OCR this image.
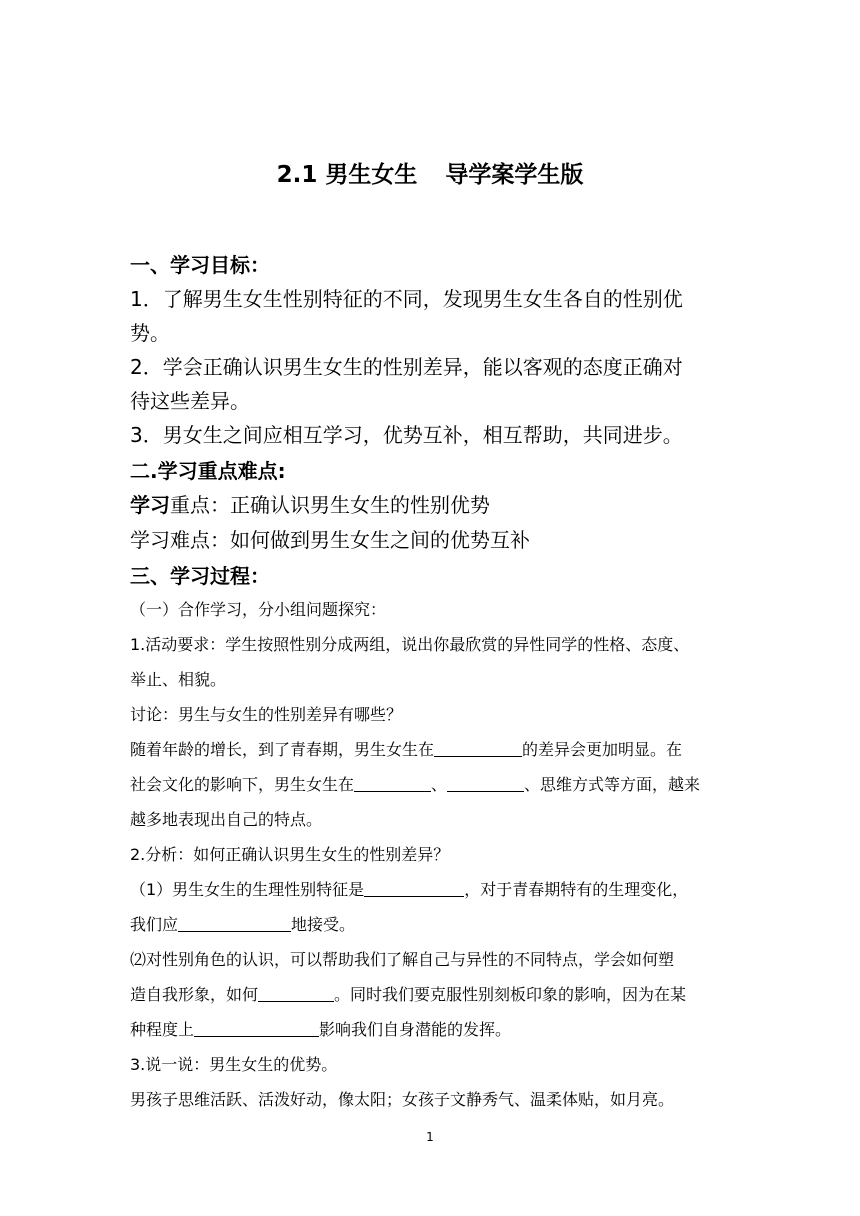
2.1 男生女生 导学案学生版
一、学习目标：
1．了解男生女生性别特征的不同，发现男生女生各自的性别优
势。
2．学会正确认识男生女生的性别差异，能以客观的态度正确对
待这些差异。
3．男女生之间应相互学习，优势互补，相互帮助，共同进步。
二.学习重点难点:
学习重点：正确认识男生女生的性别优势
学习难点：如何做到男生女生之间的优势互补
三、学习过程：
（一）合作学习，分小组问题探究：
1.活动要求：学生按照性别分成两组，说出你最欣赏的异性同学的性格、态度、
举止、相貌。
讨论：男生与女生的性别差异有哪些？
随着年龄的增长，到了青春期，男生女生在	的差异会更加明显。在
社会文化的影响下，男生女生在	、	、思维方式等方面，越来
越多地表现出自己的特点。
2.分析：如何正确认识男生女生的性别差异？
（1）男生女生的生理性别特征是	，对于青春期特有的生理变化，
我们应	地接受。
⑵对性别角色的认识，可以帮助我们了解自己与异性的不同特点，学会如何塑
造自我形象，如何	。同时我们要克服性别刻板印象的影响，因为在某
种程度上	影响我们自身潜能的发挥。
3.说一说：男生女生的优势。
男孩子思维活跃、活泼好动，像太阳；女孩子文静秀气、温柔体贴，如月亮。
1
